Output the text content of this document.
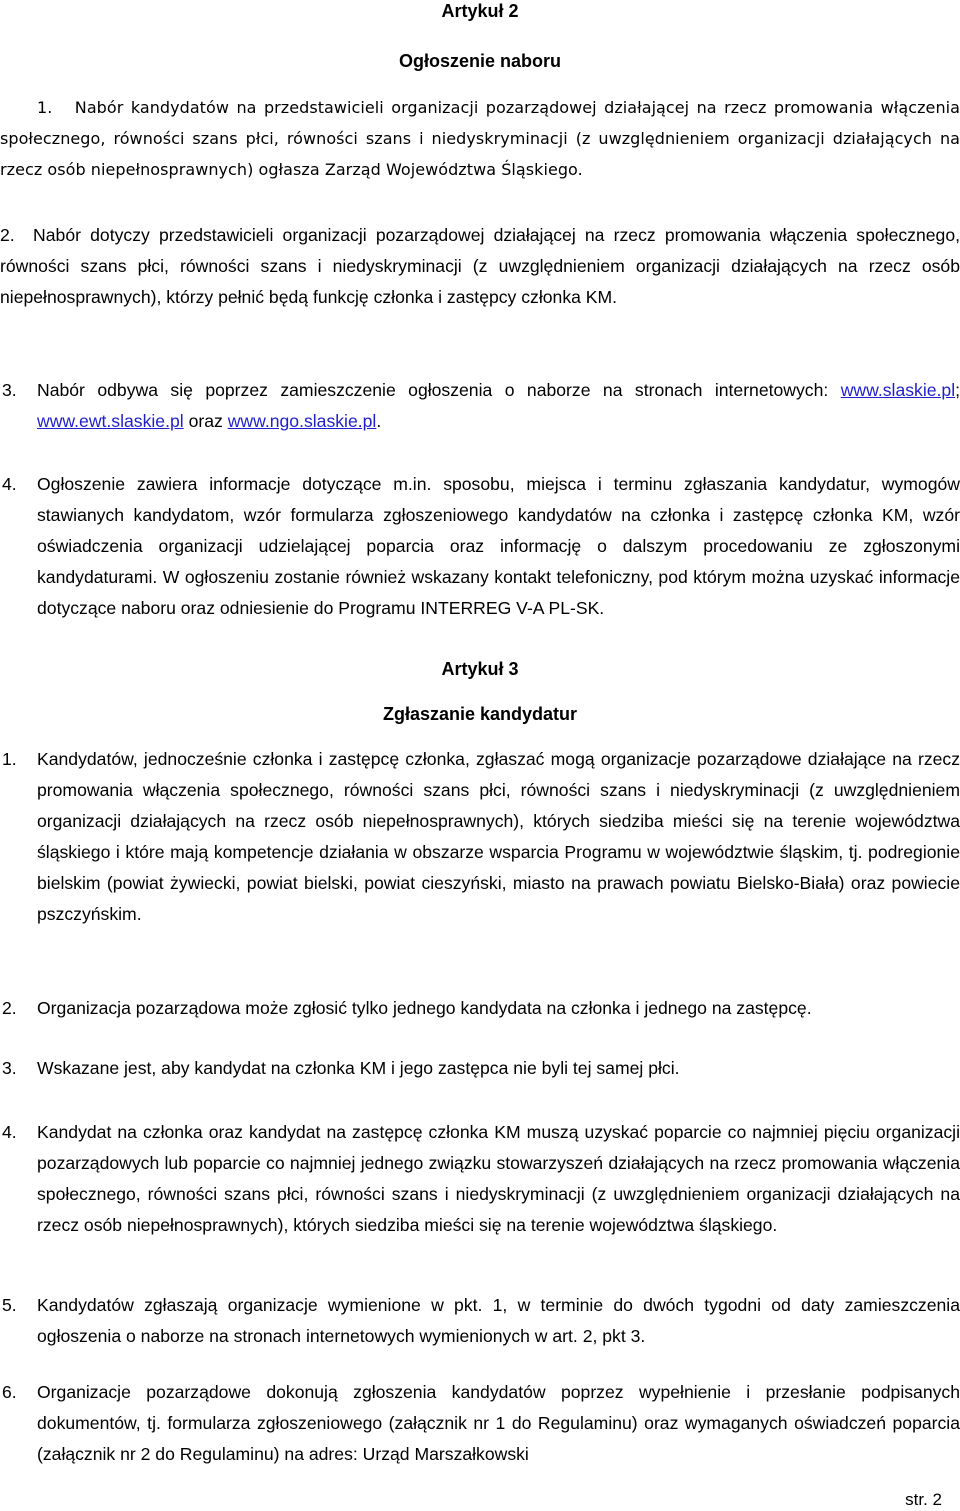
Artykuł 2
Ogłoszenie naboru
1. Nabór kandydatów na przedstawicieli organizacji pozarządowej działającej na rzecz promowania włączenia społecznego, równości szans płci, równości szans i niedyskryminacji (z uwzględnieniem organizacji działających na rzecz osób niepełnosprawnych) ogłasza Zarząd Województwa Śląskiego.
2. Nabór dotyczy przedstawicieli organizacji pozarządowej działającej na rzecz promowania włączenia społecznego, równości szans płci, równości szans i niedyskryminacji (z uwzględnieniem organizacji działających na rzecz osób niepełnosprawnych), którzy pełnić będą funkcję członka i zastępcy członka KM.
3. Nabór odbywa się poprzez zamieszczenie ogłoszenia o naborze na stronach internetowych: www.slaskie.pl; www.ewt.slaskie.pl oraz www.ngo.slaskie.pl.
4. Ogłoszenie zawiera informacje dotyczące m.in. sposobu, miejsca i terminu zgłaszania kandydatur, wymogów stawianych kandydatom, wzór formularza zgłoszeniowego kandydatów na członka i zastępcę członka KM, wzór oświadczenia organizacji udzielającej poparcia oraz informację o dalszym procedowaniu ze zgłoszonymi kandydaturami. W ogłoszeniu zostanie również wskazany kontakt telefoniczny, pod którym można uzyskać informacje dotyczące naboru oraz odniesienie do Programu INTERREG V-A PL-SK.
Artykuł 3
Zgłaszanie kandydatur
1. Kandydatów, jednocześnie członka i zastępcę członka, zgłaszać mogą organizacje pozarządowe działające na rzecz promowania włączenia społecznego, równości szans płci, równości szans i niedyskryminacji (z uwzględnieniem organizacji działających na rzecz osób niepełnosprawnych), których siedziba mieści się na terenie województwa śląskiego i które mają kompetencje działania w obszarze wsparcia Programu w województwie śląskim, tj. podregionie bielskim (powiat żywiecki, powiat bielski, powiat cieszyński, miasto na prawach powiatu Bielsko-Biała) oraz powiecie pszczyńskim.
2. Organizacja pozarządowa może zgłosić tylko jednego kandydata na członka i jednego na zastępcę.
3. Wskazane jest, aby kandydat na członka KM i jego zastępca nie byli tej samej płci.
4. Kandydat na członka oraz kandydat na zastępcę członka KM muszą uzyskać poparcie co najmniej pięciu organizacji pozarządowych lub poparcie co najmniej jednego związku stowarzyszeń działających na rzecz promowania włączenia społecznego, równości szans płci, równości szans i niedyskryminacji (z uwzględnieniem organizacji działających na rzecz osób niepełnosprawnych), których siedziba mieści się na terenie województwa śląskiego.
5. Kandydatów zgłaszają organizacje wymienione w pkt. 1, w terminie do dwóch tygodni od daty zamieszczenia ogłoszenia o naborze na stronach internetowych wymienionych w art. 2, pkt 3.
6. Organizacje pozarządowe dokonują zgłoszenia kandydatów poprzez wypełnienie i przesłanie podpisanych dokumentów, tj. formularza zgłoszeniowego (załącznik nr 1 do Regulaminu) oraz wymaganych oświadczeń poparcia (załącznik nr 2 do Regulaminu) na adres: Urząd Marszałkowski
str. 2
